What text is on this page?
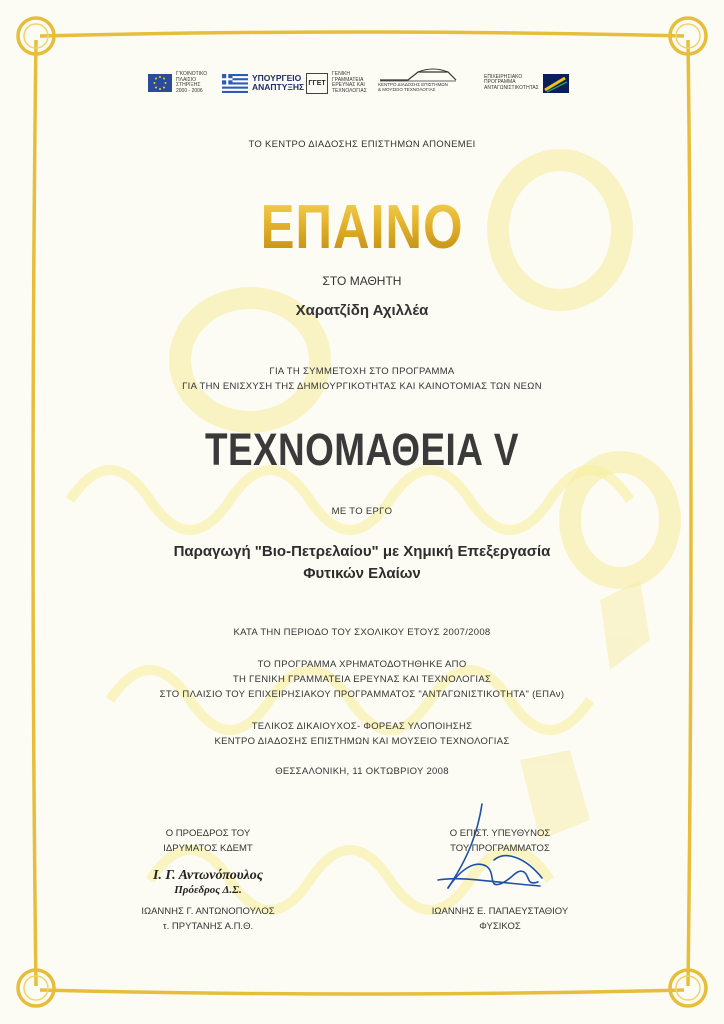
Γ'ΚΟΙΝΟΤΙΚΟ
ΠΛΑΙΣΙΟ
ΣΤΗΡΙΞΗΣ
2000 - 2006
ΥΠΟΥΡΓΕΙΟ
ΑΝΑΠΤΥΞΗΣ ΓΓΕΤ
ΓΕΝΙΚΗ
ΓΡΑΜΜΑΤΕΙΑ
ΕΡΕΥΝΑΣ ΚΑΙ
ΤΕΧΝΟΛΟΓΙΑΣ
ΚΕΝΤΡΟ ΔΙΑΔΟΣΗΣ ΕΠΙΣΤΗΜΩΝ
& ΜΟΥΣΕΙΟ ΤΕΧΝΟΛΟΓΙΑΣ
ΕΠΙΧΕΙΡΗΣΙΑΚΟ
ΠΡΟΓΡΑΜΜΑ
ΑΝΤΑΓΩΝΙΣΤΙΚΟΤΗΤΑΣ
ΤΟ ΚΕΝΤΡΟ ΔΙΑΔΟΣΗΣ ΕΠΙΣΤΗΜΩΝ ΑΠΟΝΕΜΕΙ
ΕΠΑΙΝΟ
ΣΤΟ ΜΑΘΗΤΗ
Χαρατζίδη Αχιλλέα
ΓΙΑ ΤΗ ΣΥΜΜΕΤΟΧΗ ΣΤΟ ΠΡΟΓΡΑΜΜΑ
ΓΙΑ ΤΗΝ ΕΝΙΣΧΥΣΗ ΤΗΣ ΔΗΜΙΟΥΡΓΙΚΟΤΗΤΑΣ ΚΑΙ ΚΑΙΝΟΤΟΜΙΑΣ ΤΩΝ ΝΕΩΝ
ΤΕΧΝΟΜΑΘΕΙΑ V
ΜΕ ΤΟ ΕΡΓΟ
Παραγωγή "Βιο-Πετρελαίου" με Χημική Επεξεργασία
Φυτικών Ελαίων
ΚΑΤΑ ΤΗΝ ΠΕΡΙΟΔΟ ΤΟΥ ΣΧΟΛΙΚΟΥ ΕΤΟΥΣ 2007/2008
ΤΟ ΠΡΟΓΡΑΜΜΑ ΧΡΗΜΑΤΟΔΟΤΗΘΗΚΕ ΑΠΟ
ΤΗ ΓΕΝΙΚΗ ΓΡΑΜΜΑΤΕΙΑ ΕΡΕΥΝΑΣ ΚΑΙ ΤΕΧΝΟΛΟΓΙΑΣ
ΣΤΟ ΠΛΑΙΣΙΟ ΤΟΥ ΕΠΙΧΕΙΡΗΣΙΑΚΟΥ ΠΡΟΓΡΑΜΜΑΤΟΣ "ΑΝΤΑΓΩΝΙΣΤΙΚΟΤΗΤΑ" (ΕΠΑν)
ΤΕΛΙΚΟΣ ΔΙΚΑΙΟΥΧΟΣ- ΦΟΡΕΑΣ ΥΛΟΠΟΙΗΣΗΣ
ΚΕΝΤΡΟ ΔΙΑΔΟΣΗΣ ΕΠΙΣΤΗΜΩΝ ΚΑΙ ΜΟΥΣΕΙΟ ΤΕΧΝΟΛΟΓΙΑΣ
ΘΕΣΣΑΛΟΝΙΚΗ, 11 ΟΚΤΩΒΡΙΟΥ 2008
Ο ΠΡΟΕΔΡΟΣ ΤΟΥ
ΙΔΡΥΜΑΤΟΣ ΚΔΕΜΤ
Ι. Γ. Αντωνόπουλος
Πρόεδρος Δ.Σ.
ΙΩΑΝΝΗΣ Γ. ΑΝΤΩΝΟΠΟΥΛΟΣ
τ. ΠΡΥΤΑΝΗΣ Α.Π.Θ.
Ο ΕΠΙΣΤ. ΥΠΕΥΘΥΝΟΣ
ΤΟΥ ΠΡΟΓΡΑΜΜΑΤΟΣ
ΙΩΑΝΝΗΣ Ε. ΠΑΠΑΕΥΣΤΑΘΙΟΥ
ΦΥΣΙΚΟΣ
